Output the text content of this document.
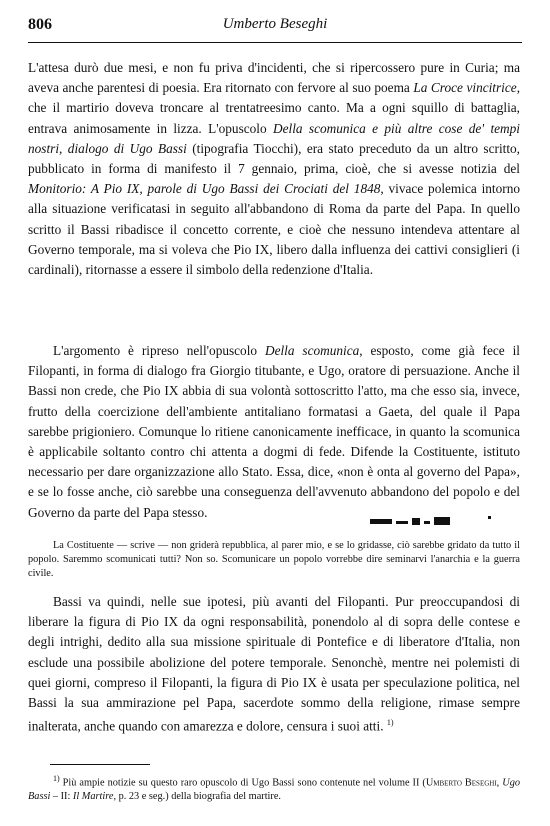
806	Umberto Beseghi

L'attesa durò due mesi, e non fu priva d'incidenti, che si ripercossero pure in Curia; ma aveva anche parentesi di poesia. Era ritornato con fervore al suo poema La Croce vincitrice, che il martirio doveva troncare al trentatreesimo canto. Ma a ogni squillo di battaglia, entrava animosamente in lizza. L'opuscolo Della scomunica e più altre cose de' tempi nostri, dialogo di Ugo Bassi (tipografia Tiocchi), era stato preceduto da un altro scritto, pubblicato in forma di manifesto il 7 gennaio, prima, cioè, che si avesse notizia del Monitorio: A Pio IX, parole di Ugo Bassi dei Crociati del 1848, vivace polemica intorno alla situazione verificatasi in seguito all'abbandono di Roma da parte del Papa. In quello scritto il Bassi ribadisce il concetto corrente, e cioè che nessuno intendeva attentare al Governo temporale, ma si voleva che Pio IX, libero dalla influenza dei cattivi consiglieri (i cardinali), ritornasse a essere il simbolo della redenzione d'Italia.

L'argomento è ripreso nell'opuscolo Della scomunica, esposto, come già fece il Filopanti, in forma di dialogo fra Giorgio titubante, e Ugo, oratore di persuazione. Anche il Bassi non crede, che Pio IX abbia di sua volontà sottoscritto l'atto, ma che esso sia, invece, frutto della coercizione dell'ambiente antitaliano formatasi a Gaeta, del quale il Papa sarebbe prigioniero. Comunque lo ritiene canonicamente inefficace, in quanto la scomunica è applicabile soltanto contro chi attenta a dogmi di fede. Difende la Costituente, istituto necessario per dare organizzazione allo Stato. Essa, dice, «non è onta al governo del Papa», e se lo fosse anche, ciò sarebbe una conseguenza dell'avvenuto abbandono del popolo e del Governo da parte del Papa stesso.

La Costituente — scrive — non griderà repubblica, al parer mio, e se lo gridasse, ciò sarebbe gridato da tutto il popolo. Saremmo scomunicati tutti? Non so. Scomunicare un popolo vorrebbe dire seminarvi l'anarchia e la guerra civile.

Bassi va quindi, nelle sue ipotesi, più avanti del Filopanti. Pur preoccupandosi di liberare la figura di Pio IX da ogni responsabilità, ponendolo al di sopra delle contese e degli intrighi, dedito alla sua missione spirituale di Pontefice e di liberatore d'Italia, non esclude una possibile abolizione del potere temporale. Senonchè, mentre nei polemisti di quei giorni, compreso il Filopanti, la figura di Pio IX è usata per speculazione politica, nel Bassi la sua ammirazione pel Papa, sacerdote sommo della religione, rimase sempre inalterata, anche quando con amarezza e dolore, censura i suoi atti. $^{1)}$

$^{1)}$ Più ampie notizie su questo raro opuscolo di Ugo Bassi sono contenute nel volume II (Umberto Beseghi, Ugo Bassi – II: Il Martire, p. 23 e seg.) della biografia del martire.
